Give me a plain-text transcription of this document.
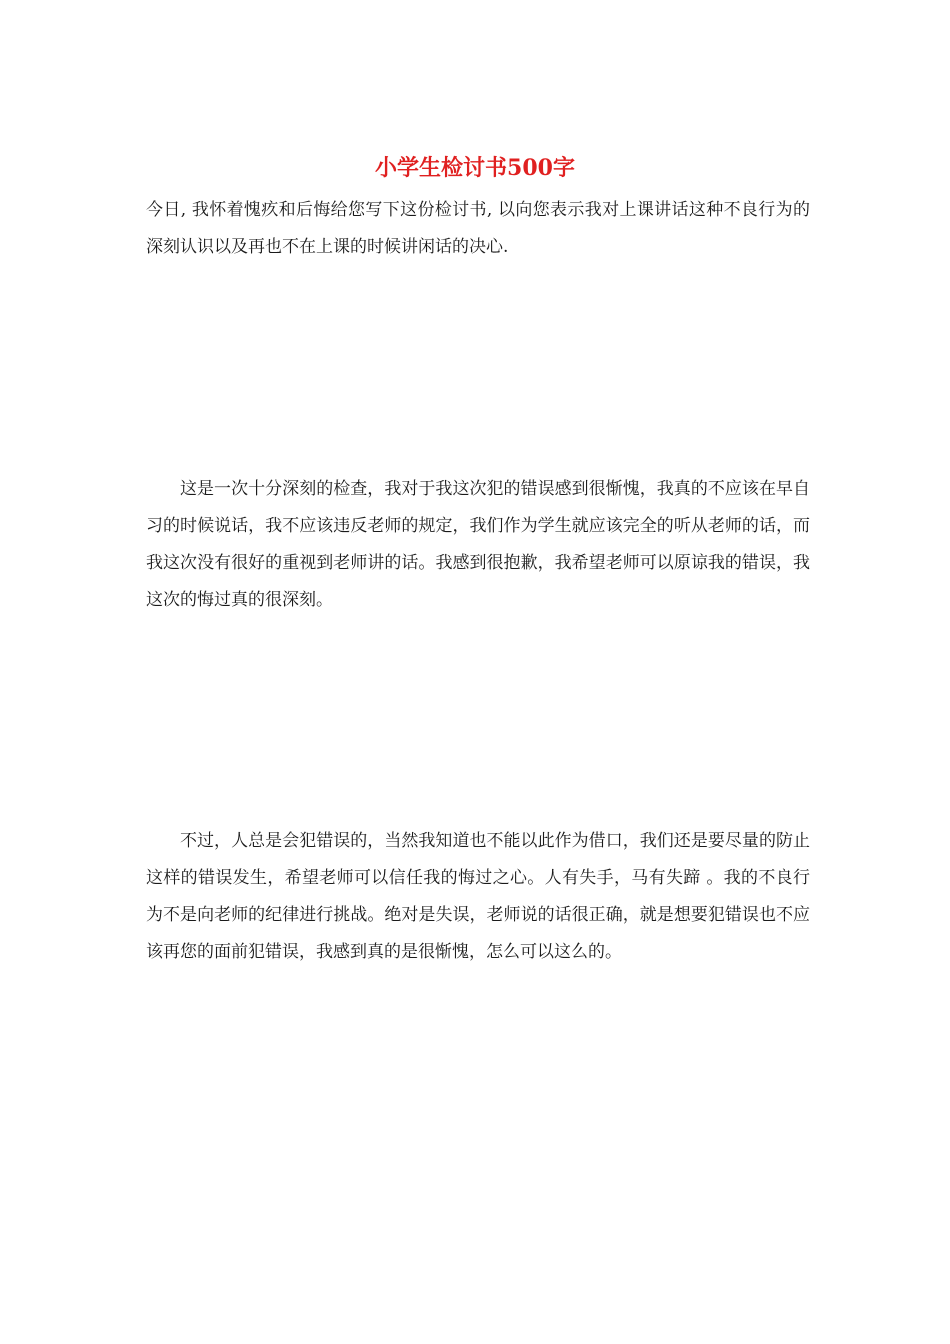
小学生检讨书500字

今日, 我怀着愧疚和后悔给您写下这份检讨书, 以向您表示我对上课讲话这种不良行为的深刻认识以及再也不在上课的时候讲闲话的决心.

这是一次十分深刻的检查，我对于我这次犯的错误感到很惭愧，我真的不应该在早自习的时候说话，我不应该违反老师的规定，我们作为学生就应该完全的听从老师的话，而我这次没有很好的重视到老师讲的话。我感到很抱歉，我希望老师可以原谅我的错误，我这次的悔过真的很深刻。

不过，人总是会犯错误的，当然我知道也不能以此作为借口，我们还是要尽量的防止这样的错误发生，希望老师可以信任我的悔过之心。人有失手，马有失蹄 。我的不良行为不是向老师的纪律进行挑战。绝对是失误，老师说的话很正确，就是想要犯错误也不应该再您的面前犯错误，我感到真的是很惭愧，怎么可以这么的。
